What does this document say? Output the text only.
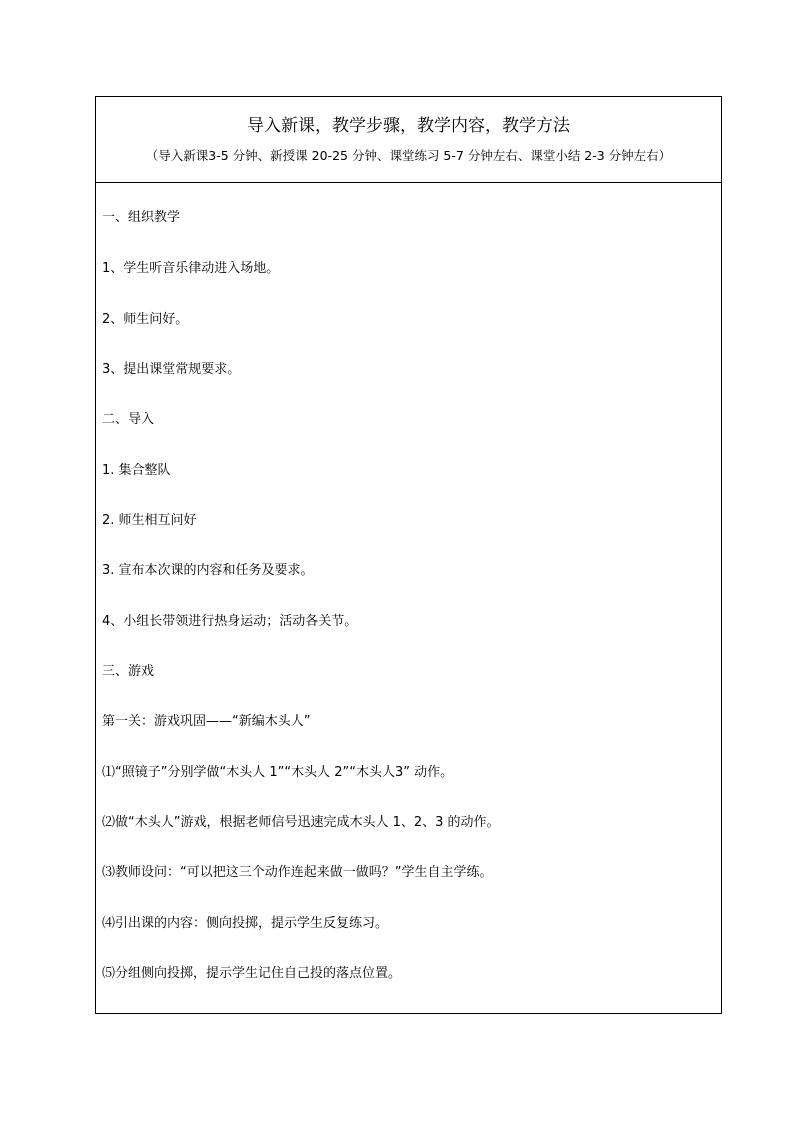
导入新课，教学步骤，教学内容，教学方法
（导入新课3-5 分钟、新授课 20-25 分钟、课堂练习 5-7 分钟左右、课堂小结 2-3 分钟左右）
一、组织教学
1、学生听音乐律动进入场地。
2、师生问好。
3、提出课堂常规要求。
二、导入
1. 集合整队
2. 师生相互问好
3. 宣布本次课的内容和任务及要求。
4、小组长带领进行热身运动；活动各关节。
三、游戏
第一关：游戏巩固——“新编木头人”
⑴“照镜子”分别学做“木头人 1”“木头人 2”“木头人3” 动作。
⑵做“木头人”游戏，根据老师信号迅速完成木头人 1、2、3 的动作。
⑶教师设问：“可以把这三个动作连起来做一做吗？”学生自主学练。
⑷引出课的内容：侧向投掷，提示学生反复练习。
⑸分组侧向投掷，提示学生记住自己投的落点位置。
